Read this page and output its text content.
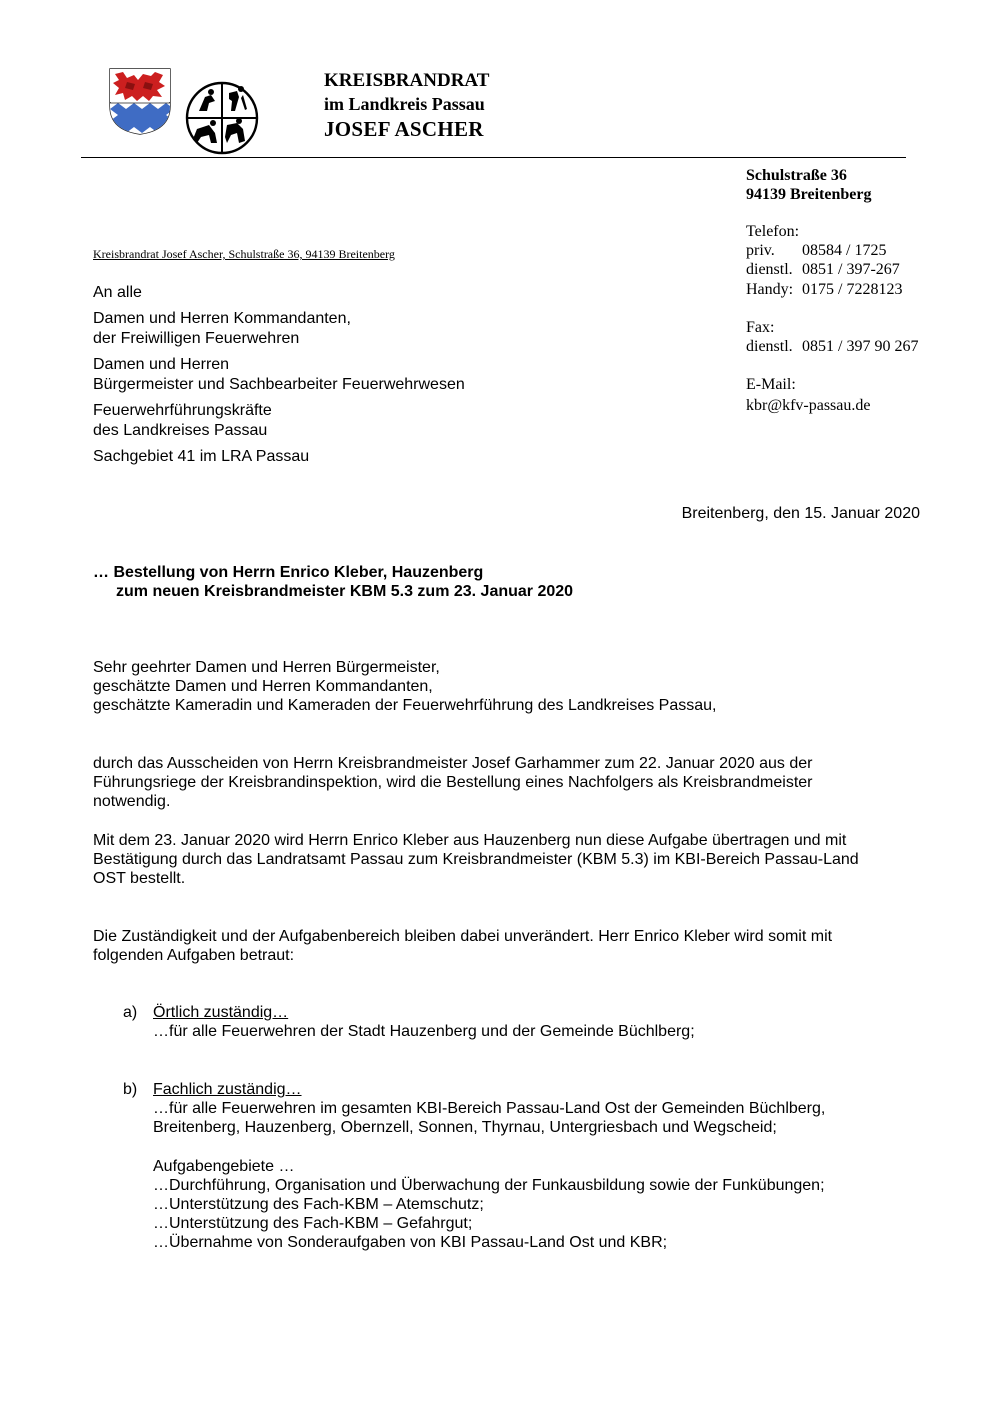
KREISBRANDRAT
im Landkreis Passau
JOSEF ASCHER
Schulstraße 36
94139 Breitenberg
Telefon:
priv. 08584 / 1725
dienstl. 0851 / 397-267
Handy: 0175 / 7228123
Fax:
dienstl. 0851 / 397 90 267
E-Mail:
kbr@kfv-passau.de
Kreisbrandrat Josef Ascher, Schulstraße 36, 94139 Breitenberg
An alle
Damen und Herren Kommandanten,
der Freiwilligen Feuerwehren
Damen und Herren
Bürgermeister und Sachbearbeiter Feuerwehrwesen
Feuerwehrführungskräfte
des Landkreises Passau
Sachgebiet 41 im LRA Passau
Breitenberg, den 15. Januar 2020
… Bestellung von Herrn Enrico Kleber, Hauzenberg
zum neuen Kreisbrandmeister KBM 5.3 zum 23. Januar 2020
Sehr geehrter Damen und Herren Bürgermeister,
geschätzte Damen und Herren Kommandanten,
geschätzte Kameradin und Kameraden der Feuerwehrführung des Landkreises Passau,
durch das Ausscheiden von Herrn Kreisbrandmeister Josef Garhammer zum 22. Januar 2020 aus der
Führungsriege der Kreisbrandinspektion, wird die Bestellung eines Nachfolgers als Kreisbrandmeister
notwendig.
Mit dem 23. Januar 2020 wird Herrn Enrico Kleber aus Hauzenberg nun diese Aufgabe übertragen und mit
Bestätigung durch das Landratsamt Passau zum Kreisbrandmeister (KBM 5.3) im KBI-Bereich Passau-Land
OST bestellt.
Die Zuständigkeit und der Aufgabenbereich bleiben dabei unverändert. Herr Enrico Kleber wird somit mit
folgenden Aufgaben betraut:
a) Örtlich zuständig…
…für alle Feuerwehren der Stadt Hauzenberg und der Gemeinde Büchlberg;
b) Fachlich zuständig…
…für alle Feuerwehren im gesamten KBI-Bereich Passau-Land Ost der Gemeinden Büchlberg,
Breitenberg, Hauzenberg, Obernzell, Sonnen, Thyrnau, Untergriesbach und Wegscheid;
Aufgabengebiete …
…Durchführung, Organisation und Überwachung der Funkausbildung sowie der Funkübungen;
…Unterstützung des Fach-KBM – Atemschutz;
…Unterstützung des Fach-KBM – Gefahrgut;
…Übernahme von Sonderaufgaben von KBI Passau-Land Ost und KBR;
